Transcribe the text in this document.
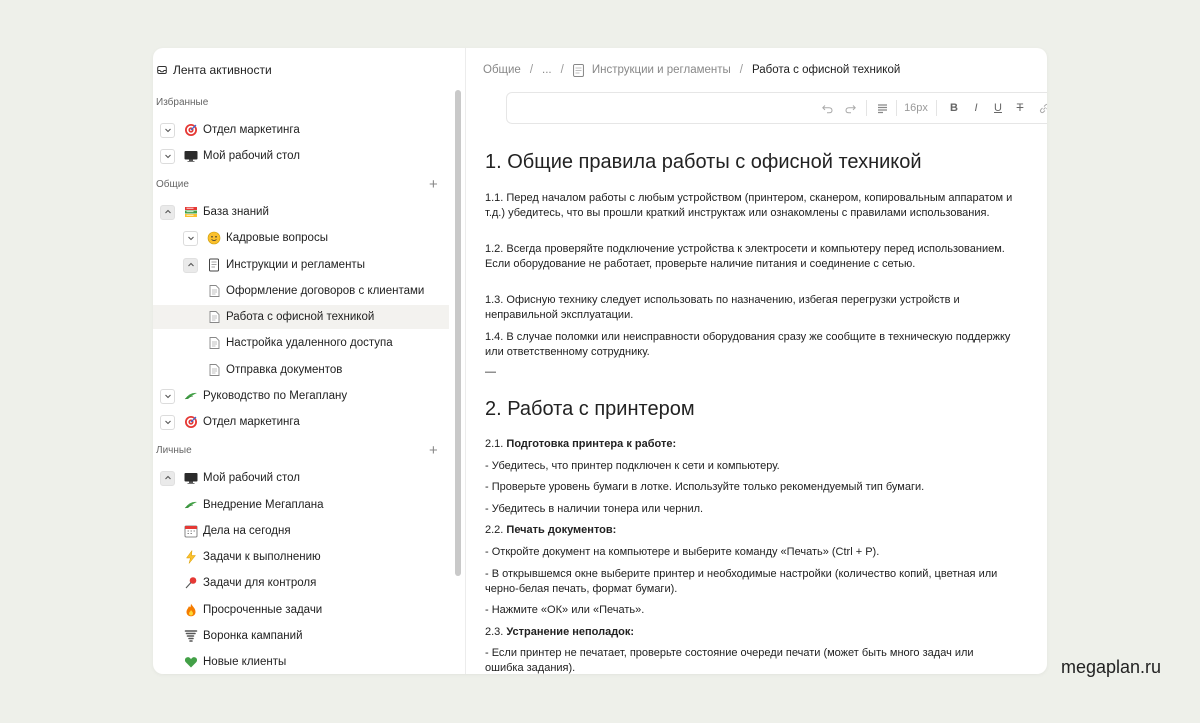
Лента активности
Избранные
Отдел маркетинга
Мой рабочий стол
Общие	+
База знаний
Кадровые вопросы
Инструкции и регламенты
Оформление договоров с клиентами
Работа с офисной техникой
Настройка удаленного доступа
Отправка документов
Руководство по Мегаплану
Отдел маркетинга
Личные	+
Мой рабочий стол
Внедрение Мегаплана
Дела на сегодня
Задачи к выполнению
Задачи для контроля
Просроченные задачи
Воронка кампаний
Новые клиенты
Общие / ... / Инструкции и регламенты / Работа с офисной техникой
16px B	I	U	T
1. Общие правила работы с офисной техникой
1.1. Перед началом работы с любым устройством (принтером, сканером, копировальным аппаратом и т.д.) убедитесь, что вы прошли краткий инструктаж или ознакомлены с правилами использования.
1.2. Всегда проверяйте подключение устройства к электросети и компьютеру перед использованием. Если оборудование не работает, проверьте наличие питания и соединение с сетью.
1.3. Офисную технику следует использовать по назначению, избегая перегрузки устройств и неправильной эксплуатации.
1.4. В случае поломки или неисправности оборудования сразу же сообщите в техническую поддержку или ответственному сотруднику.
—
2. Работа с принтером
2.1. Подготовка принтера к работе:
- Убедитесь, что принтер подключен к сети и компьютеру.
- Проверьте уровень бумаги в лотке. Используйте только рекомендуемый тип бумаги.
- Убедитесь в наличии тонера или чернил.
2.2. Печать документов:
- Откройте документ на компьютере и выберите команду «Печать» (Ctrl + P).
- В открывшемся окне выберите принтер и необходимые настройки (количество копий, цветная или черно-белая печать, формат бумаги).
- Нажмите «ОК» или «Печать».
2.3. Устранение неполадок:
- Если принтер не печатает, проверьте состояние очереди печати (может быть много задач или ошибка задания).	megaplan.ru
